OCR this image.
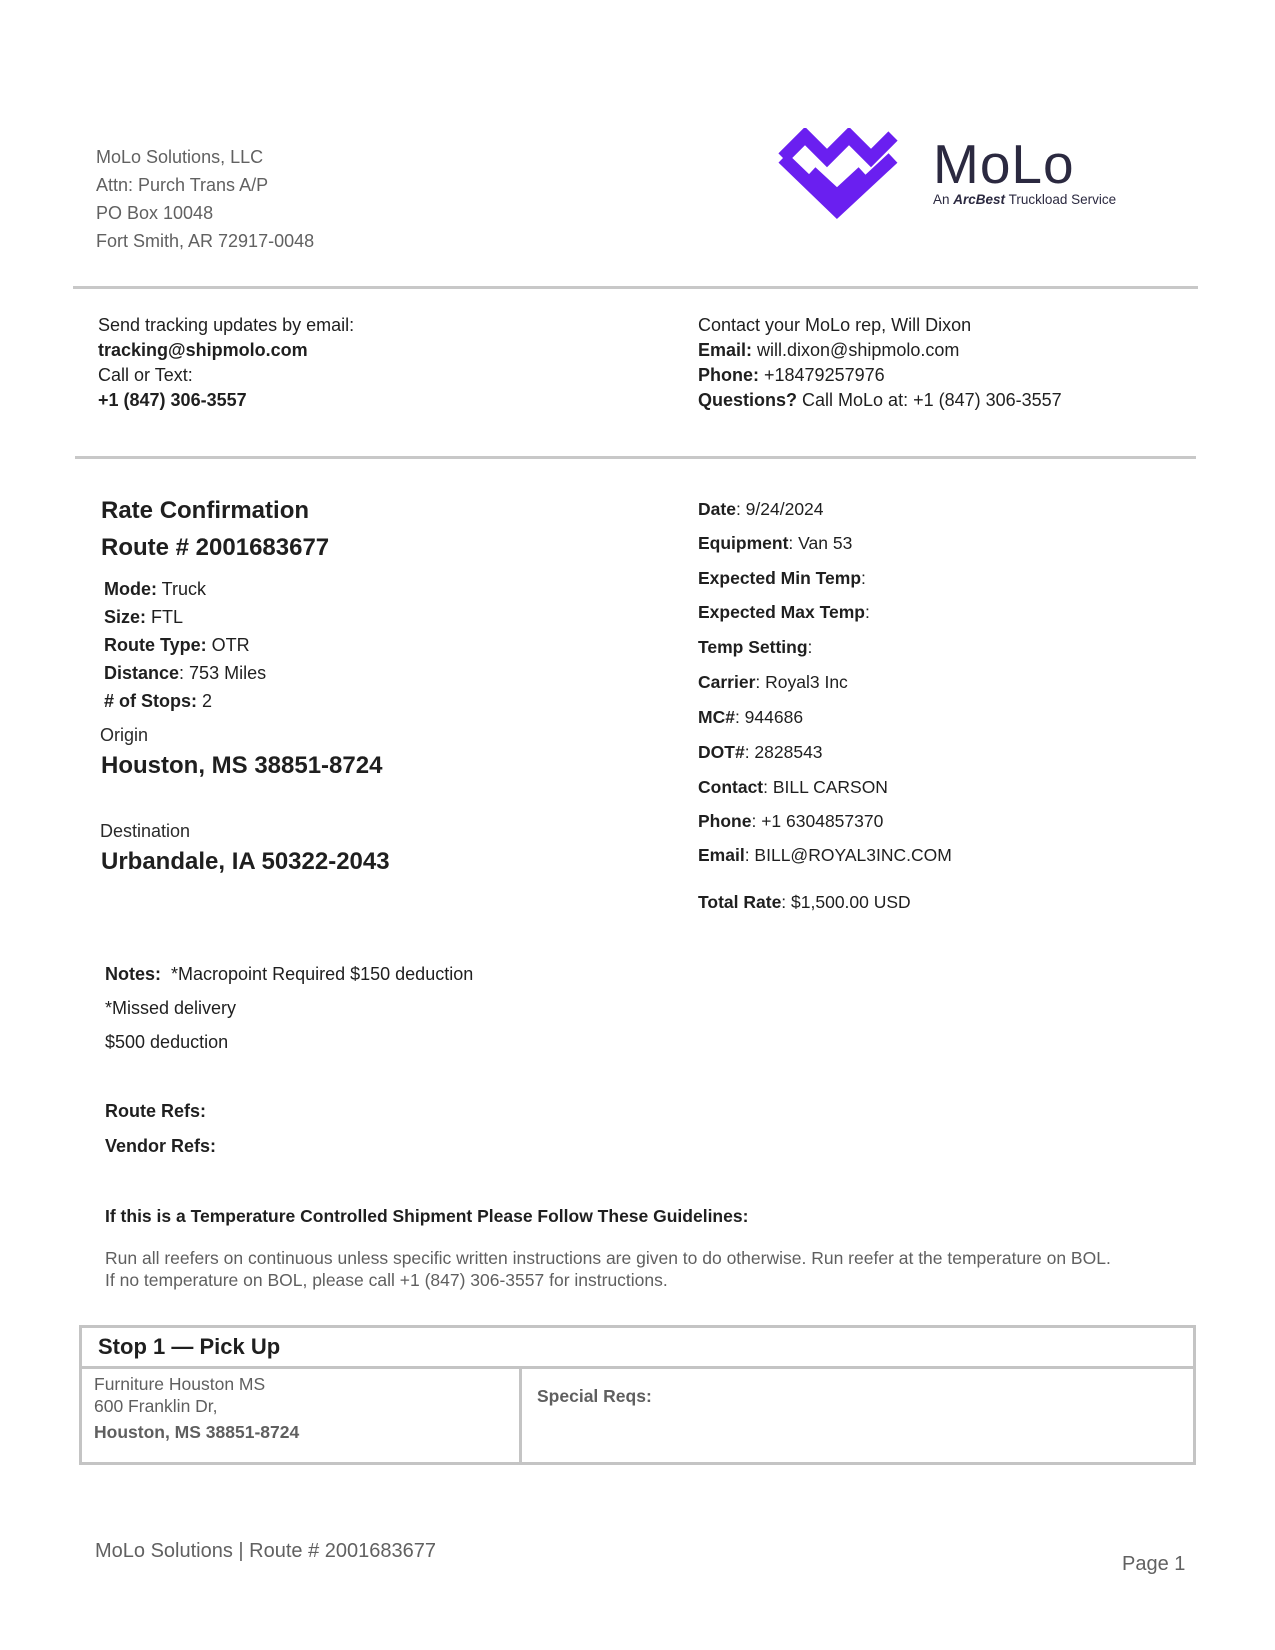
MoLo Solutions, LLC
Attn: Purch Trans A/P
PO Box 10048
Fort Smith, AR 72917-0048
MoLo
An ArcBest Truckload Service
Send tracking updates by email:
tracking@shipmolo.com
Call or Text:
+1 (847) 306-3557
Contact your MoLo rep, Will Dixon
Email: will.dixon@shipmolo.com
Phone: +18479257976
Questions? Call MoLo at: +1 (847) 306-3557
Rate Confirmation
Route # 2001683677
Mode: Truck
Size: FTL
Route Type: OTR
Distance: 753 Miles
# of Stops: 2
Origin
Houston, MS 38851-8724
Destination
Urbandale, IA 50322-2043
Date: 9/24/2024
Equipment: Van 53
Expected Min Temp:
Expected Max Temp:
Temp Setting:
Carrier: Royal3 Inc
MC#: 944686
DOT#: 2828543
Contact: BILL CARSON
Phone: +1 6304857370
Email: BILL@ROYAL3INC.COM
Total Rate: $1,500.00 USD
Notes:  *Macropoint Required $150 deduction
*Missed delivery
$500 deduction
Route Refs:
Vendor Refs:
If this is a Temperature Controlled Shipment Please Follow These Guidelines:
Run all reefers on continuous unless specific written instructions are given to do otherwise. Run reefer at the temperature on BOL.
If no temperature on BOL, please call +1 (847) 306-3557 for instructions.
Stop 1 — Pick Up
Furniture Houston MS
600 Franklin Dr,
Houston, MS 38851-8724
Special Reqs:
MoLo Solutions | Route # 2001683677
Page 1
